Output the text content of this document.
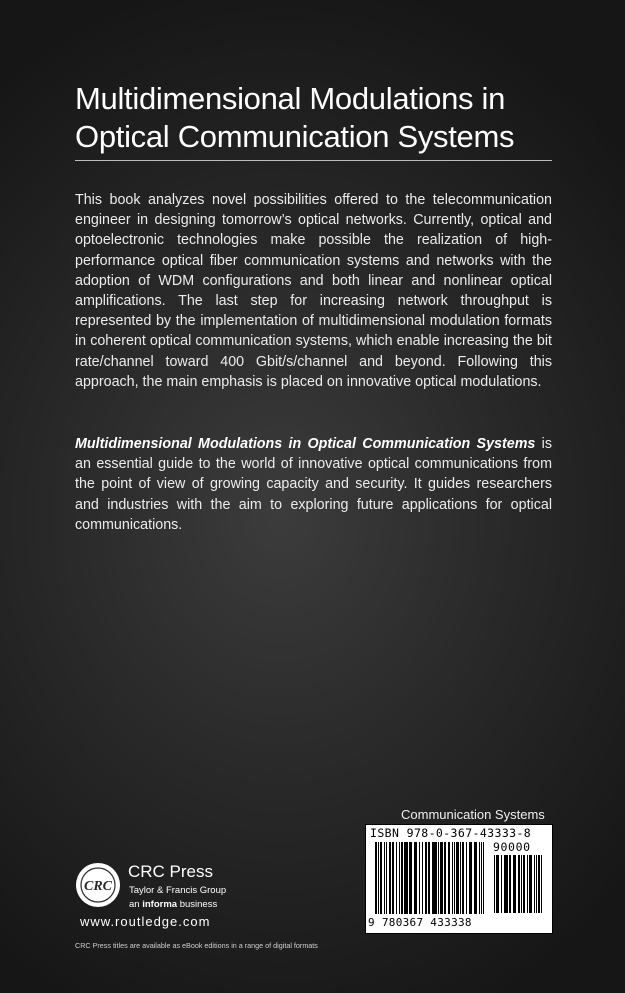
Multidimensional Modulations in
Optical Communication Systems

This book analyzes novel possibilities offered to the telecommunication engineer in designing tomorrow’s optical networks. Currently, optical and optoelectronic technologies make possible the realization of high-performance optical fiber communication systems and networks with the adoption of WDM configurations and both linear and nonlinear optical amplifications. The last step for increasing network throughput is represented by the implementation of multidimensional modulation formats in coherent optical communication systems, which enable increasing the bit rate/channel toward 400 Gbit/s/channel and beyond. Following this approach, the main emphasis is placed on innovative optical modulations.

Multidimensional Modulations in Optical Communication Systems is an essential guide to the world of innovative optical communications from the point of view of growing capacity and security. It guides researchers and industries with the aim to exploring future applications for optical communications.

Communication Systems
ISBN 978-0-367-43333-8
90000
9 780367 433338
CRC
CRC Press
Taylor & Francis Group
an informa business
www.routledge.com
CRC Press titles are available as eBook editions in a range of digital formats
